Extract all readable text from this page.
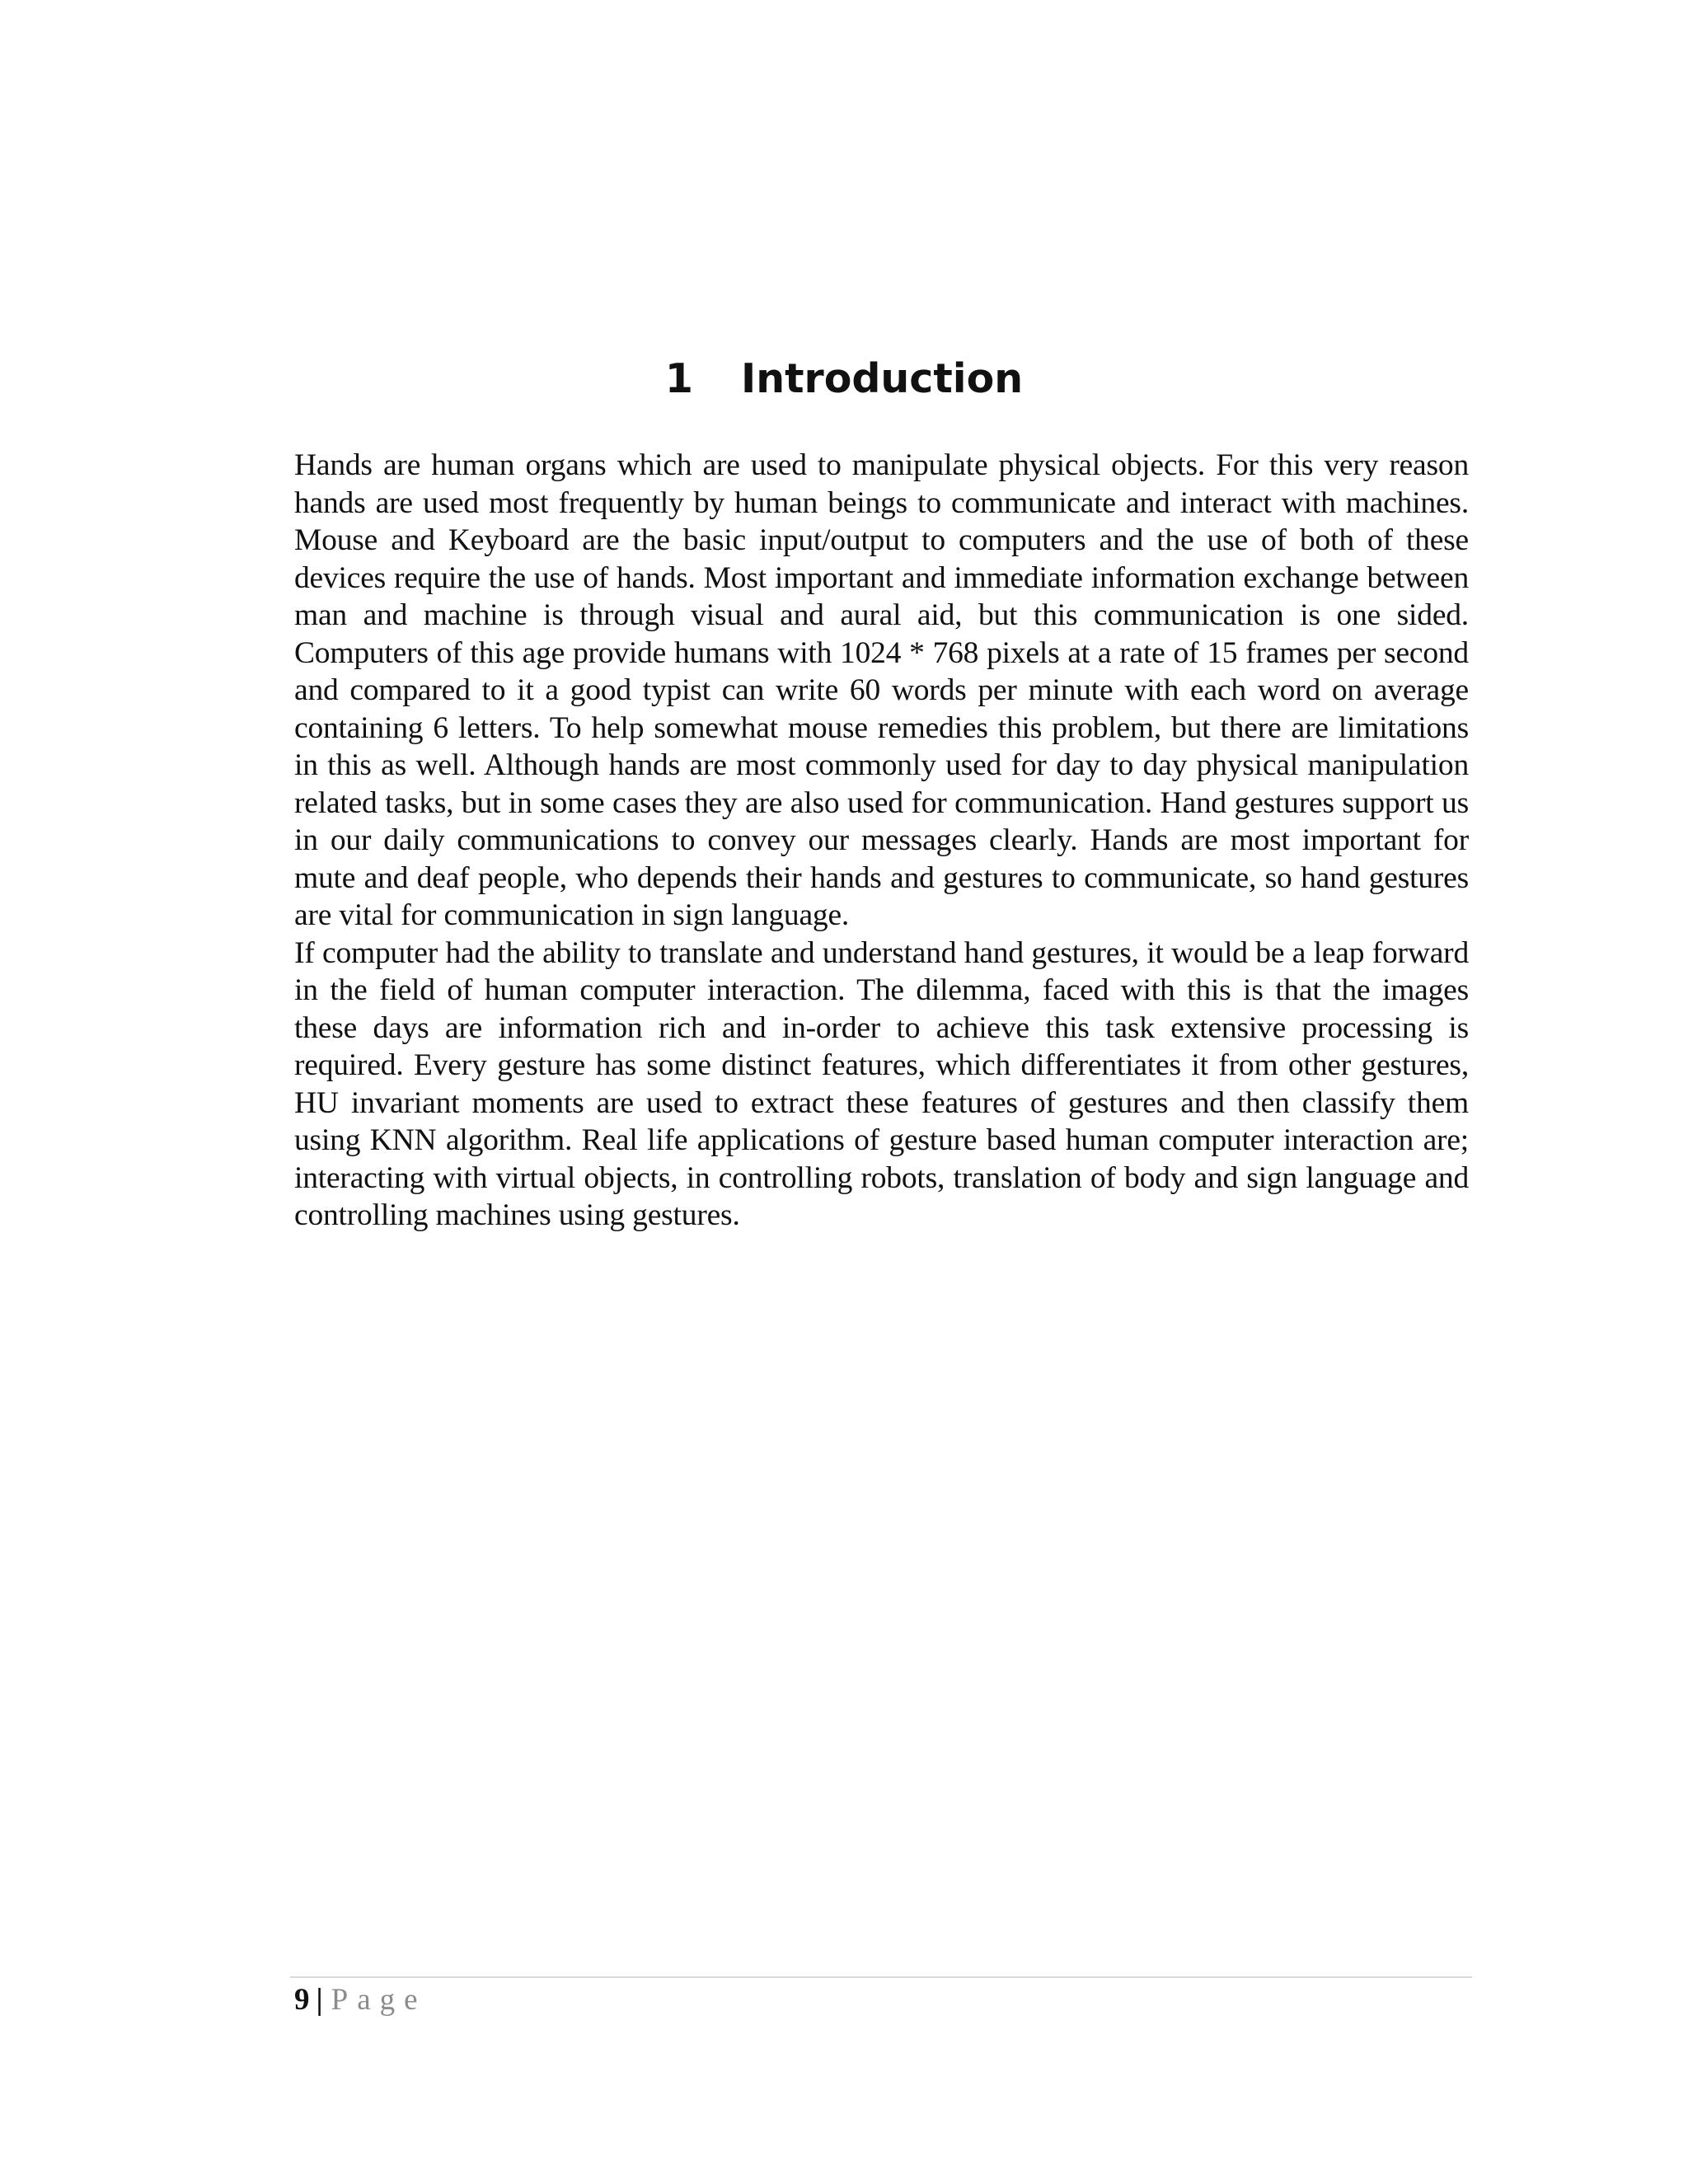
1 Introduction

Hands are human organs which are used to manipulate physical objects. For this very reason hands are used most frequently by human beings to communicate and interact with machines. Mouse and Keyboard are the basic input/output to computers and the use of both of these devices require the use of hands. Most important and immediate information exchange between man and machine is through visual and aural aid, but this communication is one sided. Computers of this age provide humans with 1024 * 768 pixels at a rate of 15 frames per second and compared to it a good typist can write 60 words per minute with each word on average containing 6 letters. To help somewhat mouse remedies this problem, but there are limitations in this as well. Although hands are most commonly used for day to day physical manipulation related tasks, but in some cases they are also used for communication. Hand gestures support us in our daily communications to convey our messages clearly. Hands are most important for mute and deaf people, who depends their hands and gestures to communicate, so hand gestures are vital for communication in sign language.

If computer had the ability to translate and understand hand gestures, it would be a leap forward in the field of human computer interaction. The dilemma, faced with this is that the images these days are information rich and in-order to achieve this task extensive processing is required. Every gesture has some distinct features, which differentiates it from other gestures, HU invariant moments are used to extract these features of gestures and then classify them using KNN algorithm. Real life applications of gesture based human computer interaction are; interacting with virtual objects, in controlling robots, translation of body and sign language and controlling machines using gestures.

9 | Page
